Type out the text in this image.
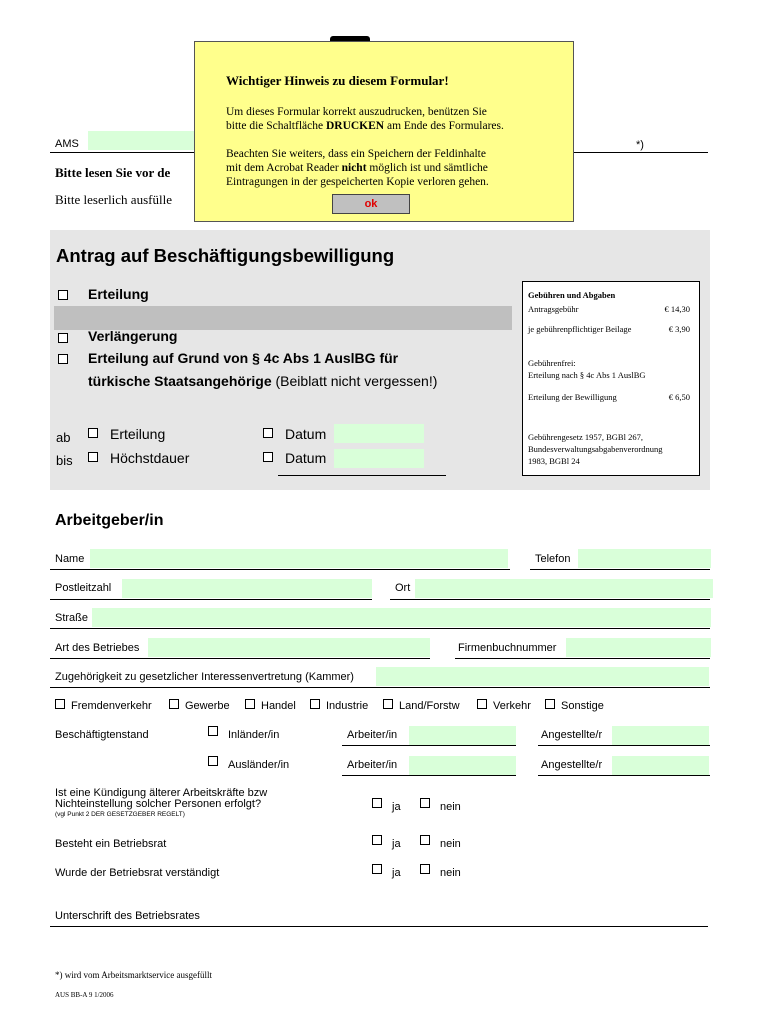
AMS	*)
Bitte lesen Sie vor de
Bitte leserlich ausfülle
Antrag auf Beschäftigungsbewilligung
Erteilung
Verlängerung
Erteilung auf Grund von § 4c Abs 1 AuslBG für
türkische Staatsangehörige (Beiblatt nicht vergessen!)
ab	Erteilung	Datum
bis	Höchstdauer	Datum
Gebühren und Abgaben
Antragsgebühr	€ 14,30
je gebührenpflichtiger Beilage	€ 3,90
Gebührenfrei:
Erteilung nach § 4c Abs 1 AuslBG
Erteilung der Bewilligung	€ 6,50
Gebührengesetz 1957, BGBl 267,
Bundesverwaltungsabgabenverordnung
1983, BGBl 24
Arbeitgeber/in
Name	Telefon
Postleitzahl	Ort
Straße
Art des Betriebes	Firmenbuchnummer
Zugehörigkeit zu gesetzlicher Interessenvertretung (Kammer)
Fremdenverkehr	Gewerbe	Handel	Industrie	Land/Forstw	Verkehr	Sonstige
Beschäftigtenstand	Inländer/in	Arbeiter/in	Angestellte/r
Ausländer/in	Arbeiter/in	Angestellte/r
Ist eine Kündigung älterer Arbeitskräfte bzw
Nichteinstellung solcher Personen erfolgt?
(vgl Punkt 2 DER GESETZGEBER REGELT)
ja	nein
Besteht ein Betriebsrat	ja	nein
Wurde der Betriebsrat verständigt	ja	nein
Unterschrift des Betriebsrates
*) wird vom Arbeitsmarktservice ausgefüllt
AUS BB-A 9 1/2006
Wichtiger Hinweis zu diesem Formular!
Um dieses Formular korrekt auszudrucken, benützen Sie
bitte die Schaltfläche DRUCKEN am Ende des Formulares.
Beachten Sie weiters, dass ein Speichern der Feldinhalte
mit dem Acrobat Reader nicht möglich ist und sämtliche
Eintragungen in der gespeicherten Kopie verloren gehen.
ok
